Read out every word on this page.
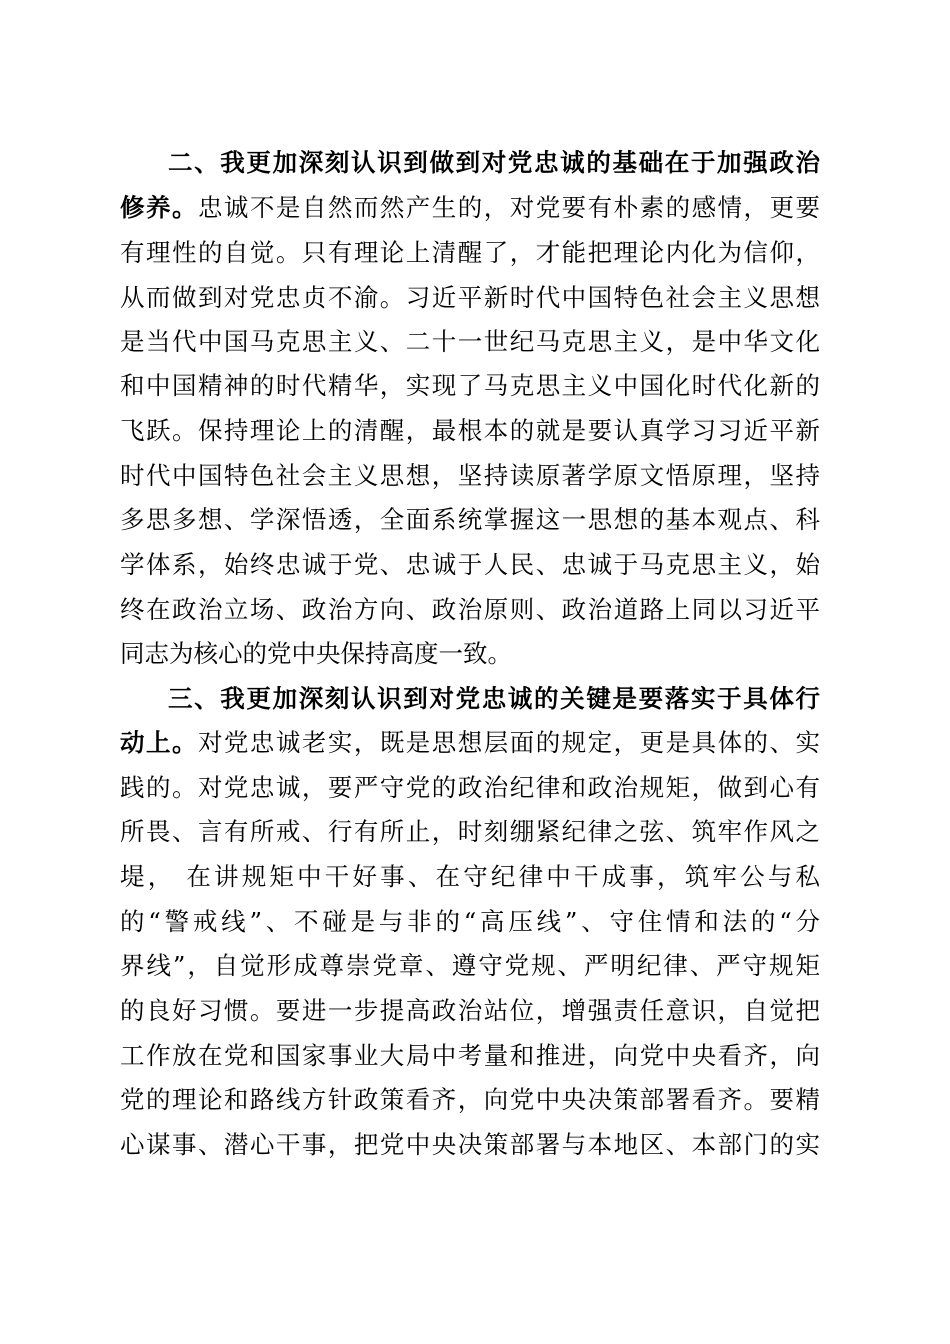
二、我更加深刻认识到做到对党忠诚的基础在于加强政治
修养。忠诚不是自然而然产生的，对党要有朴素的感情，更要
有理性的自觉。只有理论上清醒了，才能把理论内化为信仰，
从而做到对党忠贞不渝。习近平新时代中国特色社会主义思想
是当代中国马克思主义、二十一世纪马克思主义，是中华文化
和中国精神的时代精华，实现了马克思主义中国化时代化新的
飞跃。保持理论上的清醒，最根本的就是要认真学习习近平新
时代中国特色社会主义思想，坚持读原著学原文悟原理，坚持
多思多想、学深悟透，全面系统掌握这一思想的基本观点、科
学体系，始终忠诚于党、忠诚于人民、忠诚于马克思主义，始
终在政治立场、政治方向、政治原则、政治道路上同以习近平
同志为核心的党中央保持高度一致。
三、我更加深刻认识到对党忠诚的关键是要落实于具体行
动上。对党忠诚老实，既是思想层面的规定，更是具体的、实
践的。对党忠诚，要严守党的政治纪律和政治规矩，做到心有
所畏、言有所戒、行有所止，时刻绷紧纪律之弦、筑牢作风之
堤， 在讲规矩中干好事、在守纪律中干成事，筑牢公与私
的“警戒线”、不碰是与非的“高压线”、守住情和法的“分
界线”，自觉形成尊崇党章、遵守党规、严明纪律、严守规矩
的良好习惯。要进一步提高政治站位，增强责任意识，自觉把
工作放在党和国家事业大局中考量和推进，向党中央看齐，向
党的理论和路线方针政策看齐，向党中央决策部署看齐。要精
心谋事、潜心干事，把党中央决策部署与本地区、本部门的实
